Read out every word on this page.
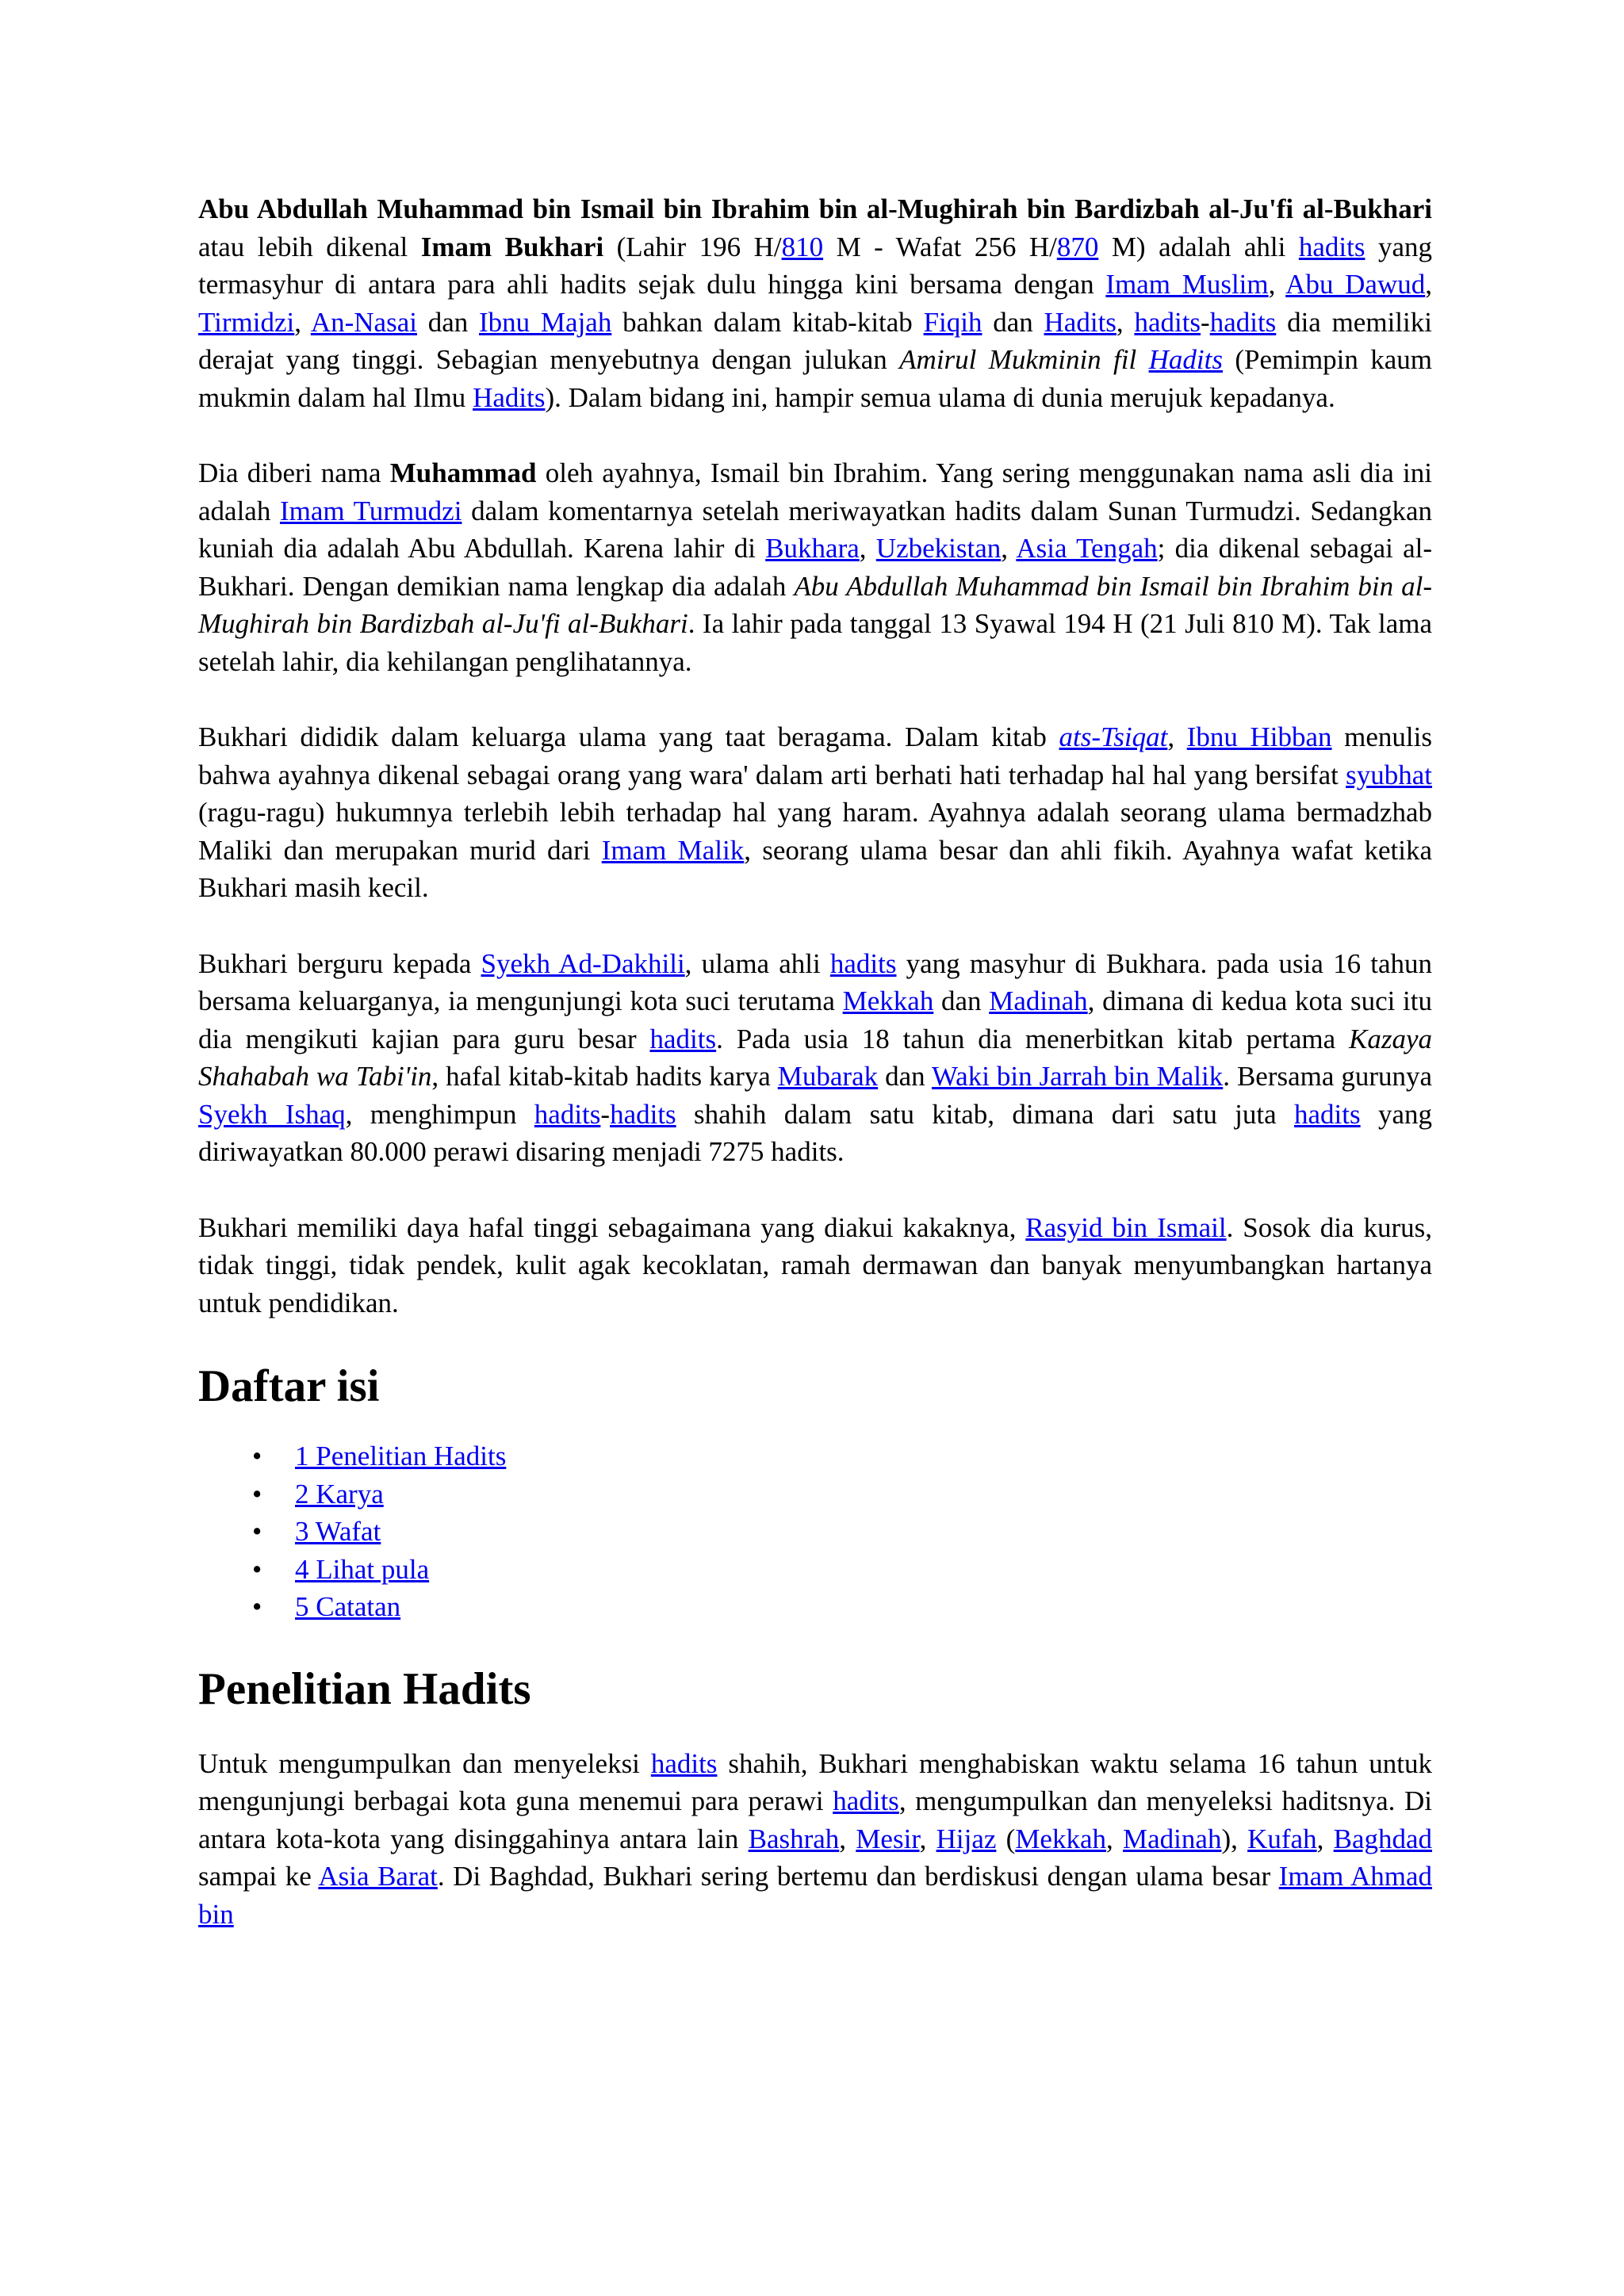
Abu Abdullah Muhammad bin Ismail bin Ibrahim bin al-Mughirah bin Bardizbah al-Ju'fi al-Bukhari atau lebih dikenal Imam Bukhari (Lahir 196 H/810 M - Wafat 256 H/870 M) adalah ahli hadits yang termasyhur di antara para ahli hadits sejak dulu hingga kini bersama dengan Imam Muslim, Abu Dawud, Tirmidzi, An-Nasai dan Ibnu Majah bahkan dalam kitab-kitab Fiqih dan Hadits, hadits-hadits dia memiliki derajat yang tinggi. Sebagian menyebutnya dengan julukan Amirul Mukminin fil Hadits (Pemimpin kaum mukmin dalam hal Ilmu Hadits). Dalam bidang ini, hampir semua ulama di dunia merujuk kepadanya.

Dia diberi nama Muhammad oleh ayahnya, Ismail bin Ibrahim. Yang sering menggunakan nama asli dia ini adalah Imam Turmudzi dalam komentarnya setelah meriwayatkan hadits dalam Sunan Turmudzi. Sedangkan kuniah dia adalah Abu Abdullah. Karena lahir di Bukhara, Uzbekistan, Asia Tengah; dia dikenal sebagai al-Bukhari. Dengan demikian nama lengkap dia adalah Abu Abdullah Muhammad bin Ismail bin Ibrahim bin al-Mughirah bin Bardizbah al-Ju'fi al-Bukhari. Ia lahir pada tanggal 13 Syawal 194 H (21 Juli 810 M). Tak lama setelah lahir, dia kehilangan penglihatannya.

Bukhari dididik dalam keluarga ulama yang taat beragama. Dalam kitab ats-Tsiqat, Ibnu Hibban menulis bahwa ayahnya dikenal sebagai orang yang wara' dalam arti berhati hati terhadap hal hal yang bersifat syubhat (ragu-ragu) hukumnya terlebih lebih terhadap hal yang haram. Ayahnya adalah seorang ulama bermadzhab Maliki dan merupakan murid dari Imam Malik, seorang ulama besar dan ahli fikih. Ayahnya wafat ketika Bukhari masih kecil.

Bukhari berguru kepada Syekh Ad-Dakhili, ulama ahli hadits yang masyhur di Bukhara. pada usia 16 tahun bersama keluarganya, ia mengunjungi kota suci terutama Mekkah dan Madinah, dimana di kedua kota suci itu dia mengikuti kajian para guru besar hadits. Pada usia 18 tahun dia menerbitkan kitab pertama Kazaya Shahabah wa Tabi'in, hafal kitab-kitab hadits karya Mubarak dan Waki bin Jarrah bin Malik. Bersama gurunya Syekh Ishaq, menghimpun hadits-hadits shahih dalam satu kitab, dimana dari satu juta hadits yang diriwayatkan 80.000 perawi disaring menjadi 7275 hadits.

Bukhari memiliki daya hafal tinggi sebagaimana yang diakui kakaknya, Rasyid bin Ismail. Sosok dia kurus, tidak tinggi, tidak pendek, kulit agak kecoklatan, ramah dermawan dan banyak menyumbangkan hartanya untuk pendidikan.

Daftar isi
• 1 Penelitian Hadits
• 2 Karya
• 3 Wafat
• 4 Lihat pula
• 5 Catatan
Penelitian Hadits

Untuk mengumpulkan dan menyeleksi hadits shahih, Bukhari menghabiskan waktu selama 16 tahun untuk mengunjungi berbagai kota guna menemui para perawi hadits, mengumpulkan dan menyeleksi haditsnya. Di antara kota-kota yang disinggahinya antara lain Bashrah, Mesir, Hijaz (Mekkah, Madinah), Kufah, Baghdad sampai ke Asia Barat. Di Baghdad, Bukhari sering bertemu dan berdiskusi dengan ulama besar Imam Ahmad bin
